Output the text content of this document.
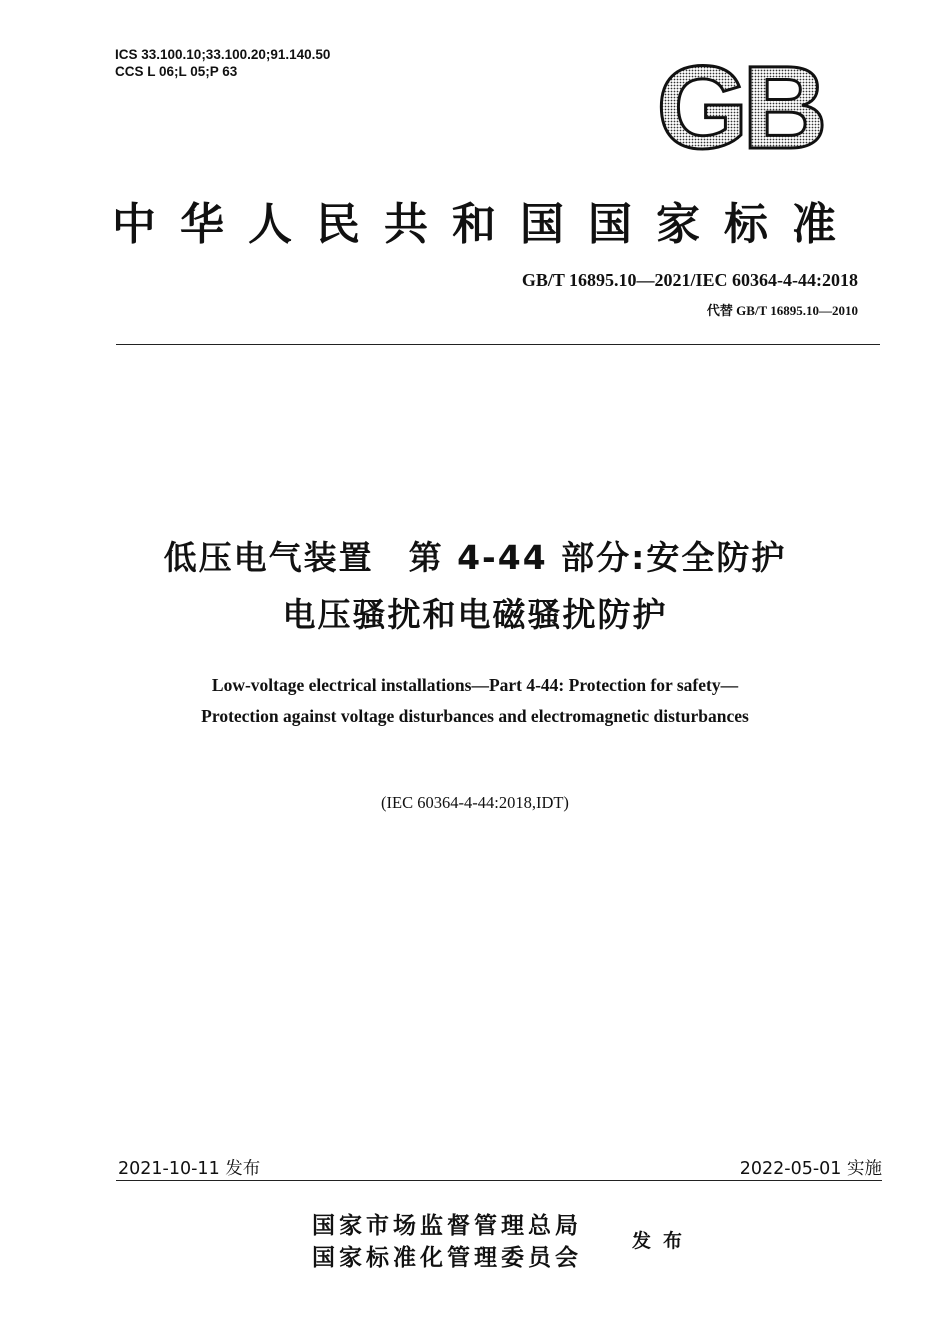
ICS 33.100.10;33.100.20;91.140.50
CCS L 06;L 05;P 63	GB
中华人民共和国国家标准
GB/T 16895.10—2021/IEC 60364-4-44:2018
代替 GB/T 16895.10—2010
低压电气装置　第 4-44 部分:安全防护
电压骚扰和电磁骚扰防护
Low-voltage electrical installations—Part 4-44: Protection for safety—
Protection against voltage disturbances and electromagnetic disturbances
(IEC 60364-4-44:2018,IDT)
2021-10-11 发布	2022-05-01 实施
国家市场监督管理总局
国家标准化管理委员会
发布
